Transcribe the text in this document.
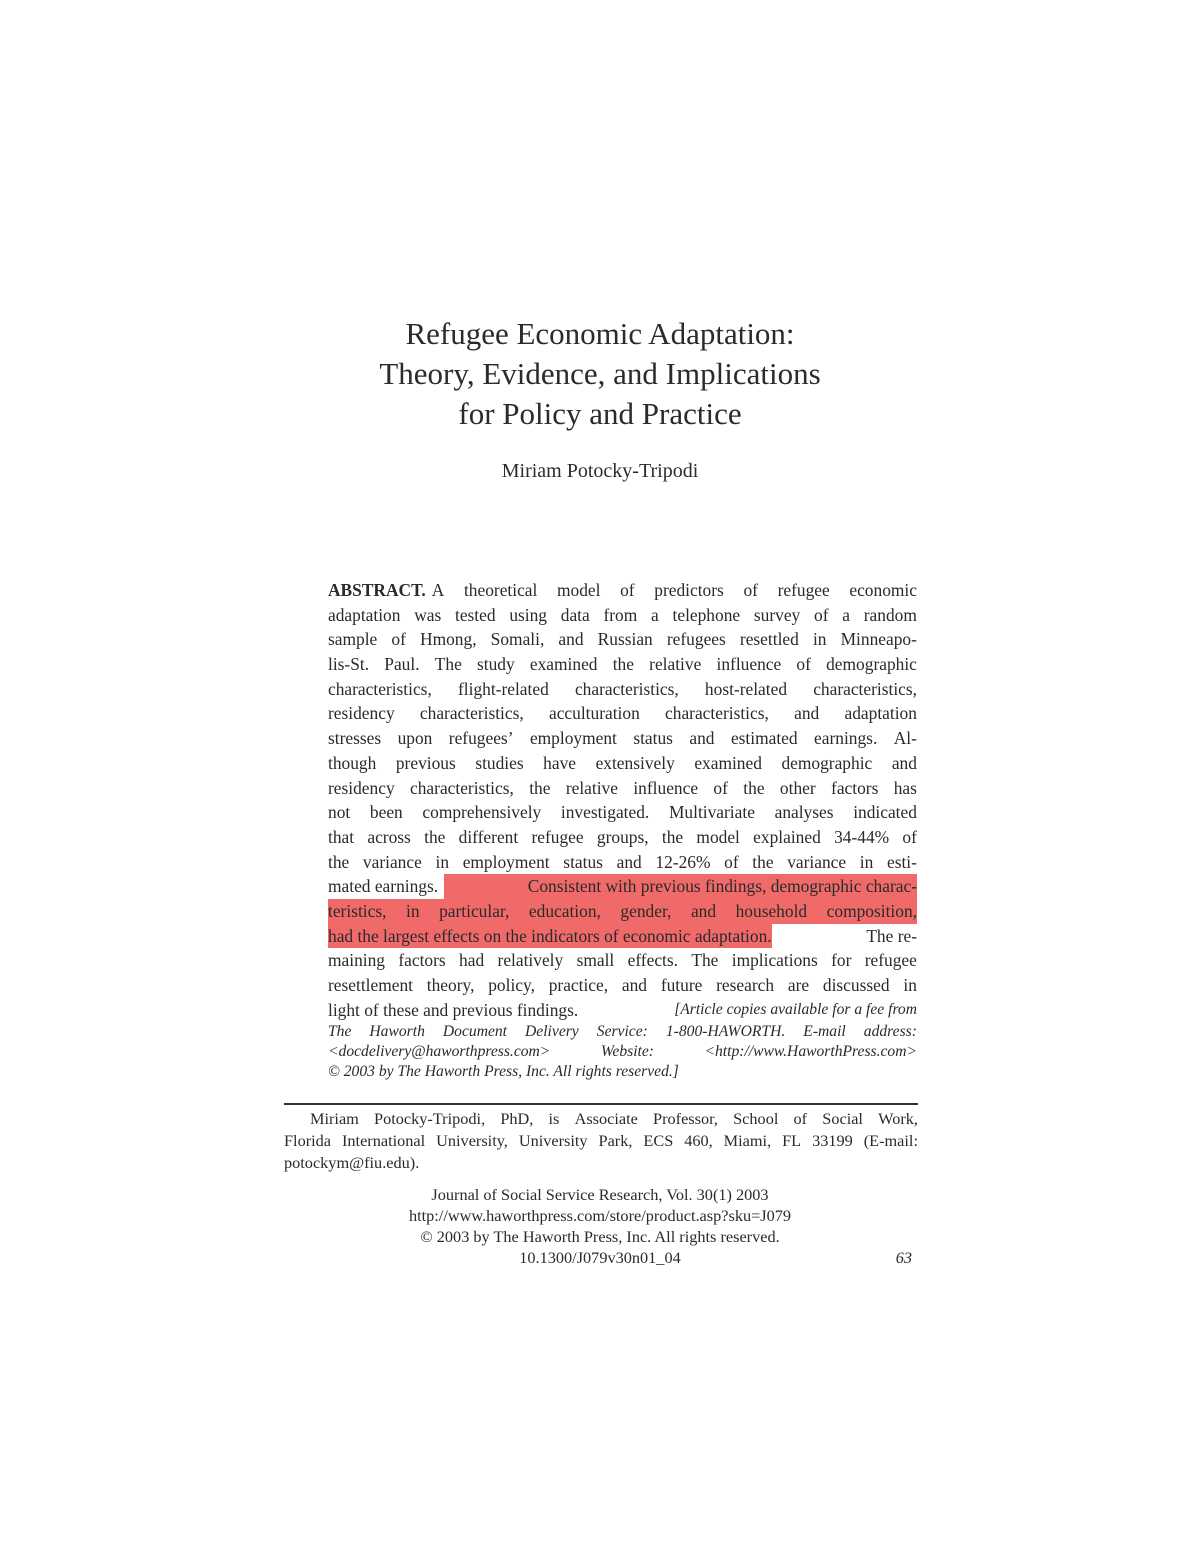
Refugee Economic Adaptation:
Theory, Evidence, and Implications
for Policy and Practice
Miriam Potocky-Tripodi
ABSTRACT. A theoretical model of predictors of refugee economic
adaptation was tested using data from a telephone survey of a random
sample of Hmong, Somali, and Russian refugees resettled in Minneapo-
lis-St. Paul. The study examined the relative influence of demographic
characteristics, flight-related characteristics, host-related characteristics,
residency characteristics, acculturation characteristics, and adaptation
stresses upon refugees’ employment status and estimated earnings. Al-
though previous studies have extensively examined demographic and
residency characteristics, the relative influence of the other factors has
not been comprehensively investigated. Multivariate analyses indicated
that across the different refugee groups, the model explained 34-44% of
the variance in employment status and 12-26% of the variance in esti-
mated earnings.	Consistent with previous findings, demographic charac-
teristics, in particular, education, gender, and household composition,
had the largest effects on the indicators of economic adaptation.	The re-
maining factors had relatively small effects. The implications for refugee
resettlement theory, policy, practice, and future research are discussed in
light of these and previous findings.	[Article copies available for a fee from
The Haworth Document Delivery Service: 1-800-HAWORTH. E-mail address:
<docdelivery@haworthpress.com>	Website:	<http://www.HaworthPress.com>
© 2003 by The Haworth Press, Inc. All rights reserved.]
Miriam Potocky-Tripodi, PhD, is Associate Professor, School of Social Work,
Florida International University, University Park, ECS 460, Miami, FL 33199 (E-mail:
potockym@fiu.edu).
Journal of Social Service Research, Vol. 30(1) 2003
http://www.haworthpress.com/store/product.asp?sku=J079
© 2003 by The Haworth Press, Inc. All rights reserved.
10.1300/J079v30n01_04	63
